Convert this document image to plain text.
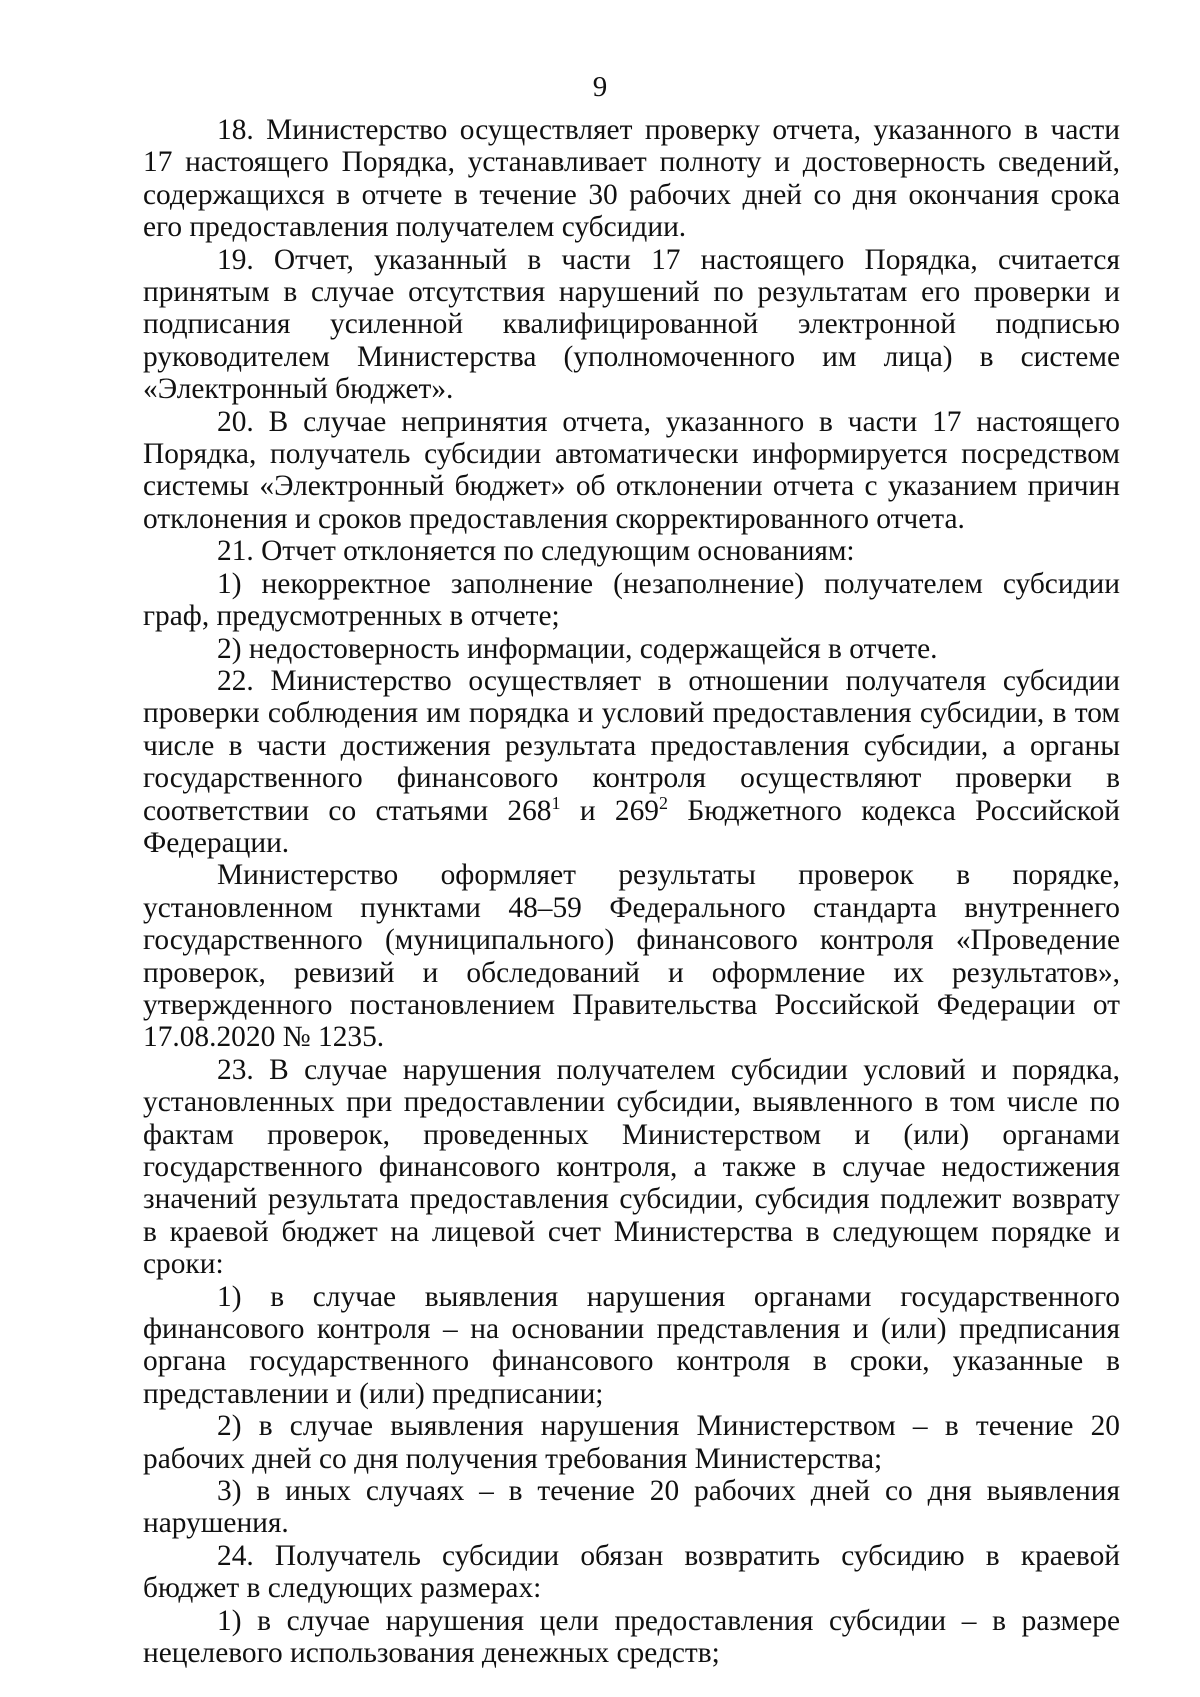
9

18. Министерство осуществляет проверку отчета, указанного в части 17 настоящего Порядка, устанавливает полноту и достоверность сведений, содержащихся в отчете в течение 30 рабочих дней со дня окончания срока его предоставления получателем субсидии.

19. Отчет, указанный в части 17 настоящего Порядка, считается принятым в случае отсутствия нарушений по результатам его проверки и подписания усиленной квалифицированной электронной подписью руководителем Министерства (уполномоченного им лица) в системе «Электронный бюджет».

20. В случае непринятия отчета, указанного в части 17 настоящего Порядка, получатель субсидии автоматически информируется посредством системы «Электронный бюджет» об отклонении отчета с указанием причин отклонения и сроков предоставления скорректированного отчета.

21. Отчет отклоняется по следующим основаниям:

1) некорректное заполнение (незаполнение) получателем субсидии граф, предусмотренных в отчете;

2) недостоверность информации, содержащейся в отчете.

22. Министерство осуществляет в отношении получателя субсидии проверки соблюдения им порядка и условий предоставления субсидии, в том числе в части достижения результата предоставления субсидии, а органы государственного финансового контроля осуществляют проверки в соответствии со статьями $268^1$ и $269^2$ Бюджетного кодекса Российской Федерации.

Министерство оформляет результаты проверок в порядке, установленном пунктами 48–59 Федерального стандарта внутреннего государственного (муниципального) финансового контроля «Проведение проверок, ревизий и обследований и оформление их результатов», утвержденного постановлением Правительства Российской Федерации от 17.08.2020 № 1235.

23. В случае нарушения получателем субсидии условий и порядка, установленных при предоставлении субсидии, выявленного в том числе по фактам проверок, проведенных Министерством и (или) органами государственного финансового контроля, а также в случае недостижения значений результата предоставления субсидии, субсидия подлежит возврату в краевой бюджет на лицевой счет Министерства в следующем порядке и сроки:

1) в случае выявления нарушения органами государственного финансового контроля – на основании представления и (или) предписания органа государственного финансового контроля в сроки, указанные в представлении и (или) предписании;

2) в случае выявления нарушения Министерством – в течение 20 рабочих дней со дня получения требования Министерства;

3) в иных случаях – в течение 20 рабочих дней со дня выявления нарушения.

24. Получатель субсидии обязан возвратить субсидию в краевой бюджет в следующих размерах:

1) в случае нарушения цели предоставления субсидии – в размере нецелевого использования денежных средств;
